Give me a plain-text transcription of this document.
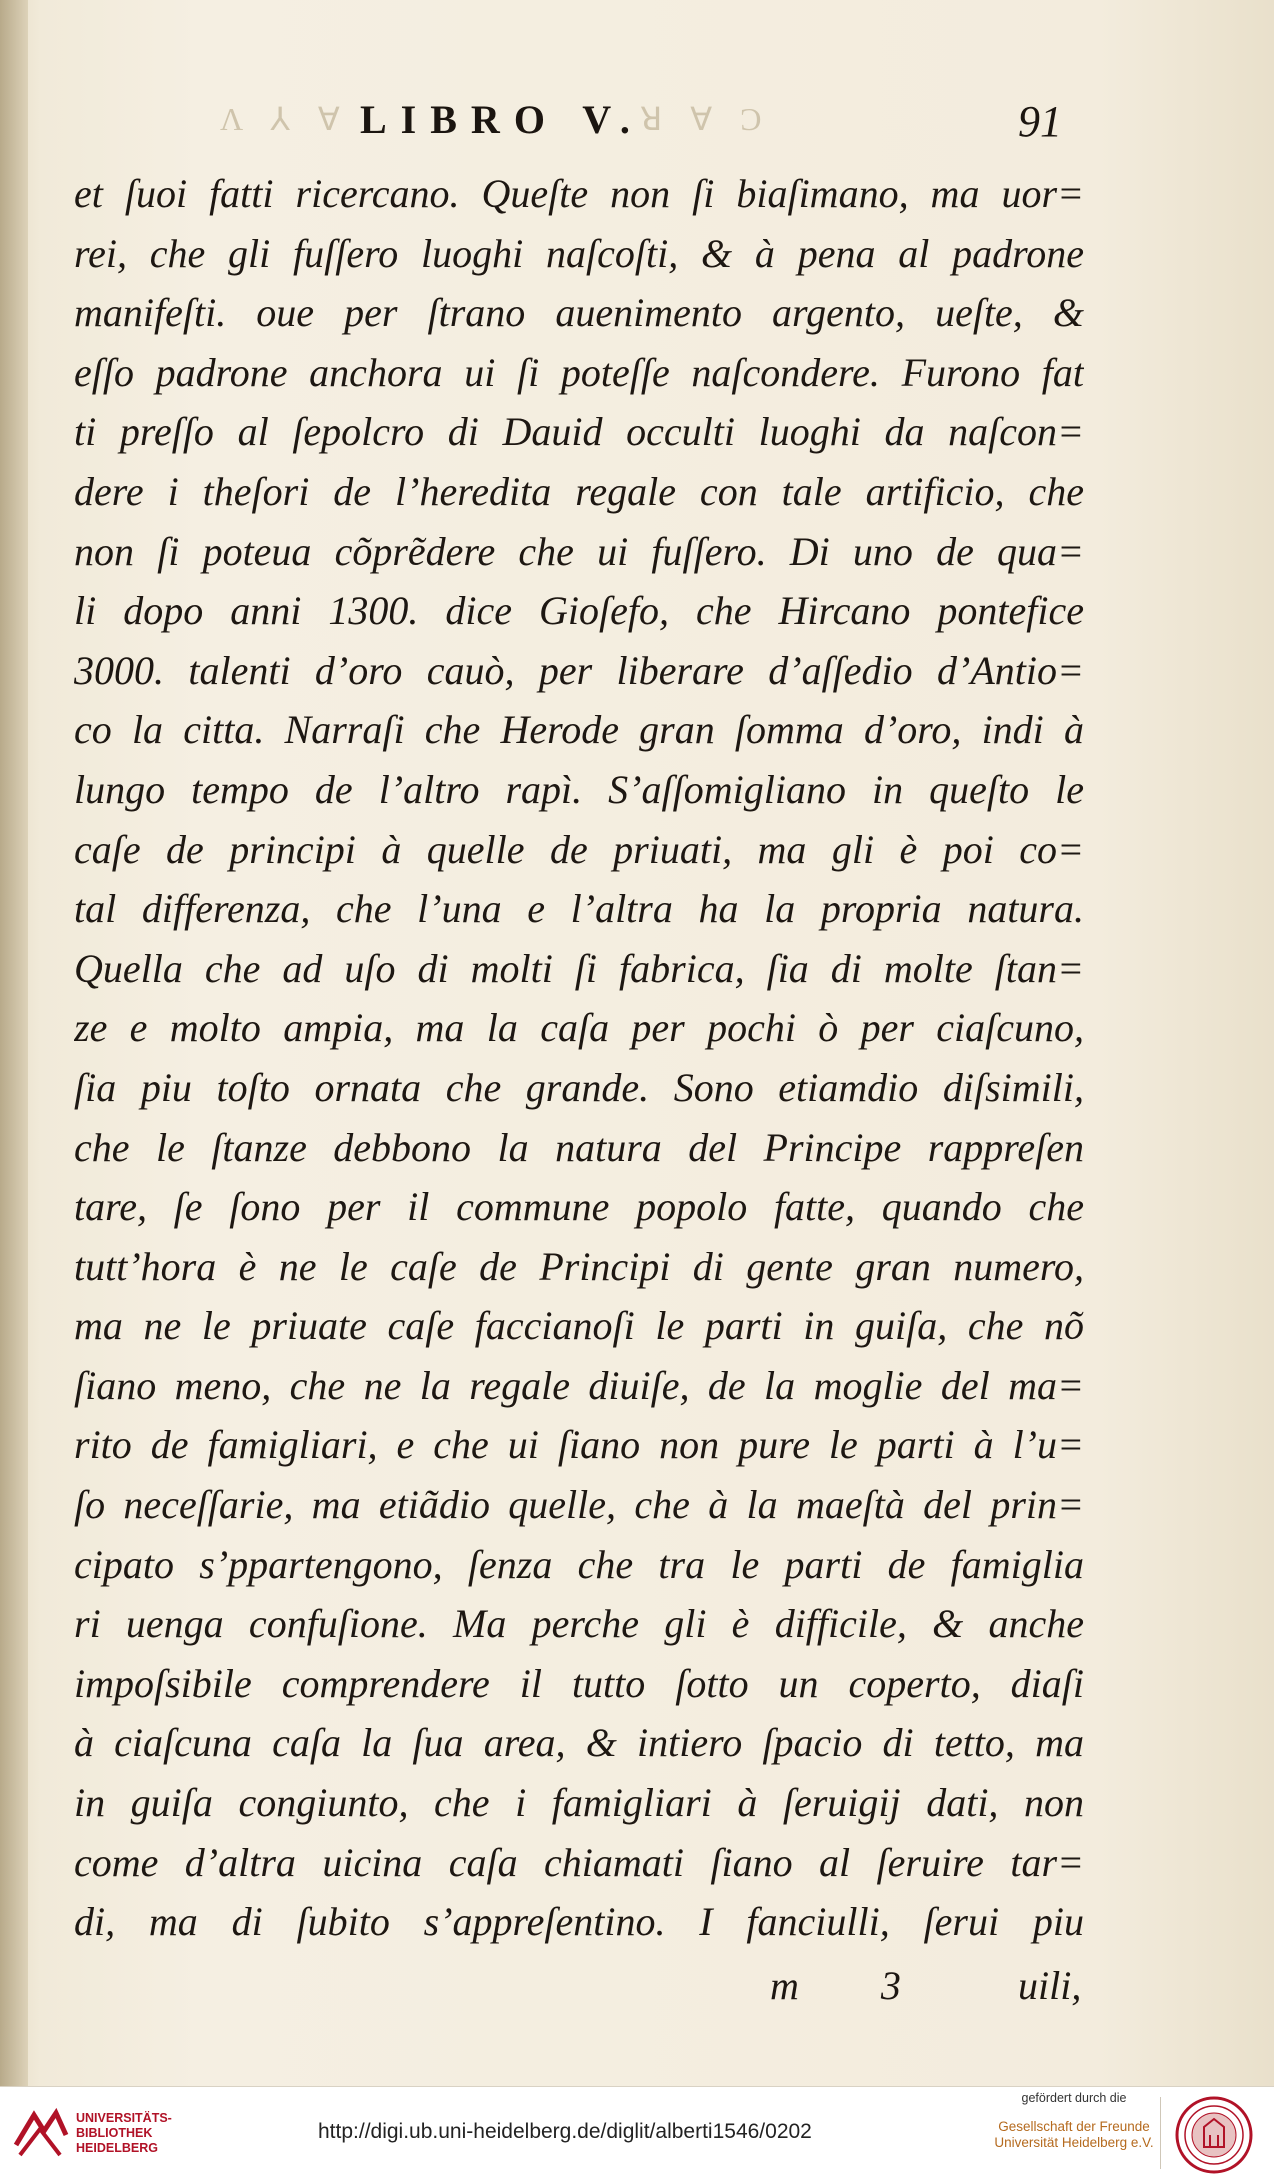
Λ ⅄ ∀ LIBRO V.
ꓤ ∀ Ɔ	91
et ſuoi fatti ricercano. Queſte non ſi biaſimano, ma uor=
rei, che gli fuſſero luoghi naſcoſti, & à pena al padrone
manifeſti. oue per ſtrano auenimento argento, ueſte, &
eſſo padrone anchora ui ſi poteſſe naſcondere. Furono fat
ti preſſo al ſepolcro di Dauid occulti luoghi da naſcon=
dere i theſori de l’heredita regale con tale artificio, che
non ſi poteua cõprẽdere che ui fuſſero. Di uno de qua=
li dopo anni 1300. dice Gioſefo, che Hircano pontefice
3000. talenti d’oro cauò, per liberare d’aſſedio d’Antio=
co la citta. Narraſi che Herode gran ſomma d’oro, indi à
lungo tempo de l’altro rapì. S’aſſomigliano in queſto le
caſe de principi à quelle de priuati, ma gli è poi co=
tal differenza, che l’una e l’altra ha la propria natura.
Quella che ad uſo di molti ſi fabrica, ſia di molte ſtan=
ze e molto ampia, ma la caſa per pochi ò per ciaſcuno,
ſia piu toſto ornata che grande. Sono etiamdio diſsimili,
che le ſtanze debbono la natura del Principe rappreſen
tare, ſe ſono per il commune popolo fatte, quando che
tutt’hora è ne le caſe de Principi di gente gran numero,
ma ne le priuate caſe faccianoſi le parti in guiſa, che nõ
ſiano meno, che ne la regale diuiſe, de la moglie del ma=
rito de famigliari, e che ui ſiano non pure le parti à l’u=
ſo neceſſarie, ma etiãdio quelle, che à la maeſtà del prin=
cipato s’ppartengono, ſenza che tra le parti de famiglia
ri uenga confuſione. Ma perche gli è difficile, & anche
impoſsibile comprendere il tutto ſotto un coperto, diaſi
à ciaſcuna caſa la ſua area, & intiero ſpacio di tetto, ma
in guiſa congiunto, che i famigliari à ſeruigij dati, non
come d’altra uicina caſa chiamati ſiano al ſeruire tar=
di, ma di ſubito s’appreſentino. I fanciulli, ſerui piu
m 3 uili,
UNIVERSITÄTS-
BIBLIOTHEK
HEIDELBERG
http://digi.ub.uni-heidelberg.de/diglit/alberti1546/0202
gefördert durch die
Gesellschaft der Freunde
Universität Heidelberg e.V.
